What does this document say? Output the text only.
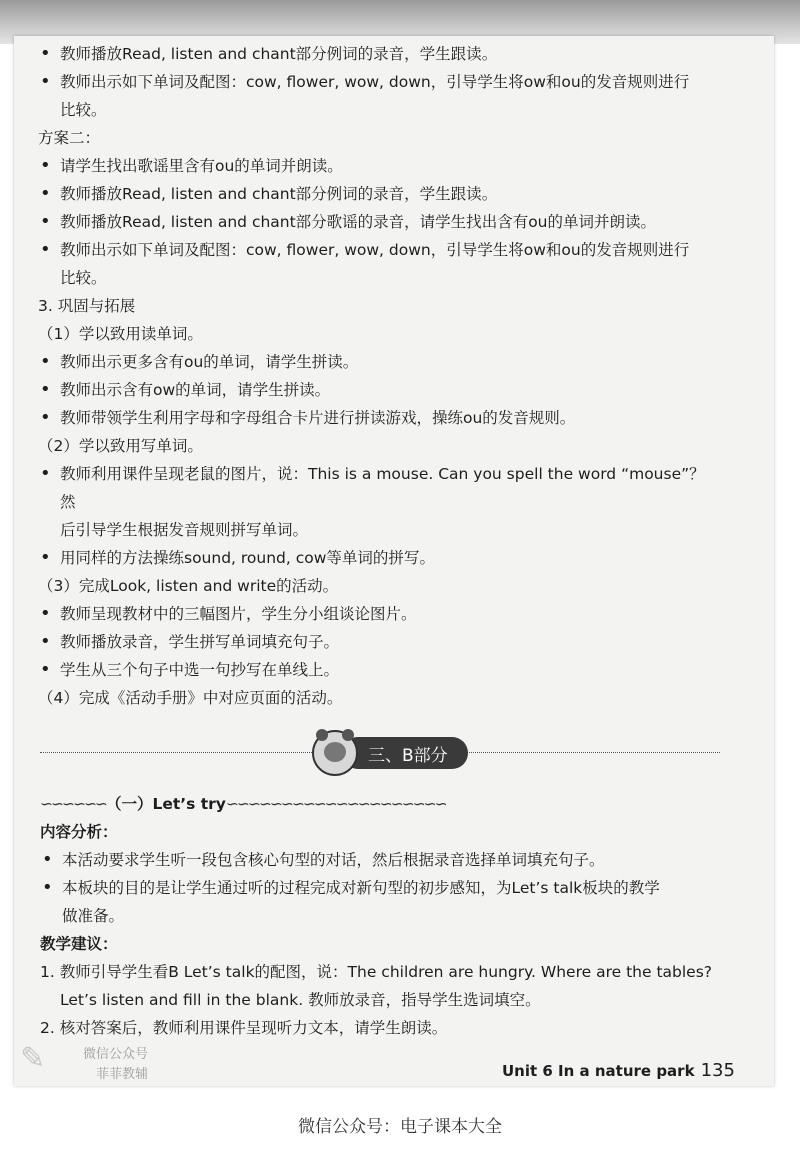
• 教师播放Read, listen and chant部分例词的录音，学生跟读。
• 教师出示如下单词及配图：cow, flower, wow, down，引导学生将ow和ou的发音规则进行
比较。
方案二：
• 请学生找出歌谣里含有ou的单词并朗读。
• 教师播放Read, listen and chant部分例词的录音，学生跟读。
• 教师播放Read, listen and chant部分歌谣的录音，请学生找出含有ou的单词并朗读。
• 教师出示如下单词及配图：cow, flower, wow, down，引导学生将ow和ou的发音规则进行
比较。
3. 巩固与拓展
（1）学以致用读单词。
• 教师出示更多含有ou的单词，请学生拼读。
• 教师出示含有ow的单词，请学生拼读。
• 教师带领学生利用字母和字母组合卡片进行拼读游戏，操练ou的发音规则。
（2）学以致用写单词。
• 教师利用课件呈现老鼠的图片，说：This is a mouse. Can you spell the word “mouse”？然
后引导学生根据发音规则拼写单词。
• 用同样的方法操练sound, round, cow等单词的拼写。
（3）完成Look, listen and write的活动。
• 教师呈现教材中的三幅图片，学生分小组谈论图片。
• 教师播放录音，学生拼写单词填充句子。
• 学生从三个句子中选一句抄写在单线上。
（4）完成《活动手册》中对应页面的活动。
三、B部分
∽∽∽∽∽∽（一）Let’s try∽∽∽∽∽∽∽∽∽∽∽∽∽∽∽∽∽∽∽∽
内容分析：
• 本活动要求学生听一段包含核心句型的对话，然后根据录音选择单词填充句子。
• 本板块的目的是让学生通过听的过程完成对新句型的初步感知，为Let’s talk板块的教学
做准备。
教学建议：
1. 教师引导学生看B Let’s talk的配图，说：The children are hungry. Where are the tables?
Let’s listen and fill in the blank. 教师放录音，指导学生选词填空。
2. 核对答案后，教师利用课件呈现听力文本，请学生朗读。
Unit 6 In a nature park 135
✎	微信公众号
菲菲教辅
微信公众号：电子课本大全
